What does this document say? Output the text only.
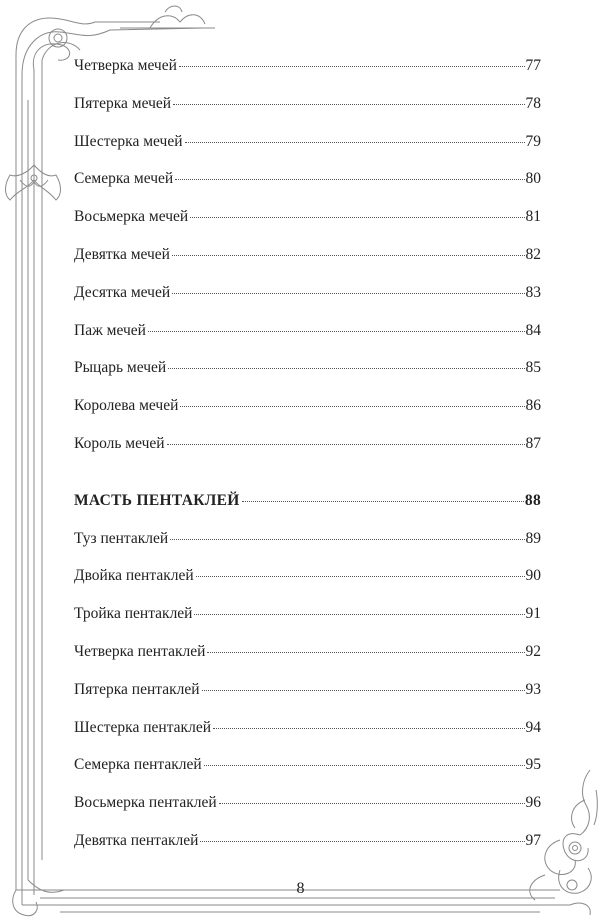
Четверка мечей	77
Пятерка мечей	78
Шестерка мечей	79
Семерка мечей	80
Восьмерка мечей	81
Девятка мечей	82
Десятка мечей	83
Паж мечей	84
Рыцарь мечей	85
Королева мечей	86
Король мечей	87
МАСТЬ ПЕНТАКЛЕЙ	88
Туз пентаклей	89
Двойка пентаклей	90
Тройка пентаклей	91
Четверка пентаклей	92
Пятерка пентаклей	93
Шестерка пентаклей	94
Семерка пентаклей	95
Восьмерка пентаклей	96
Девятка пентаклей	97
8
